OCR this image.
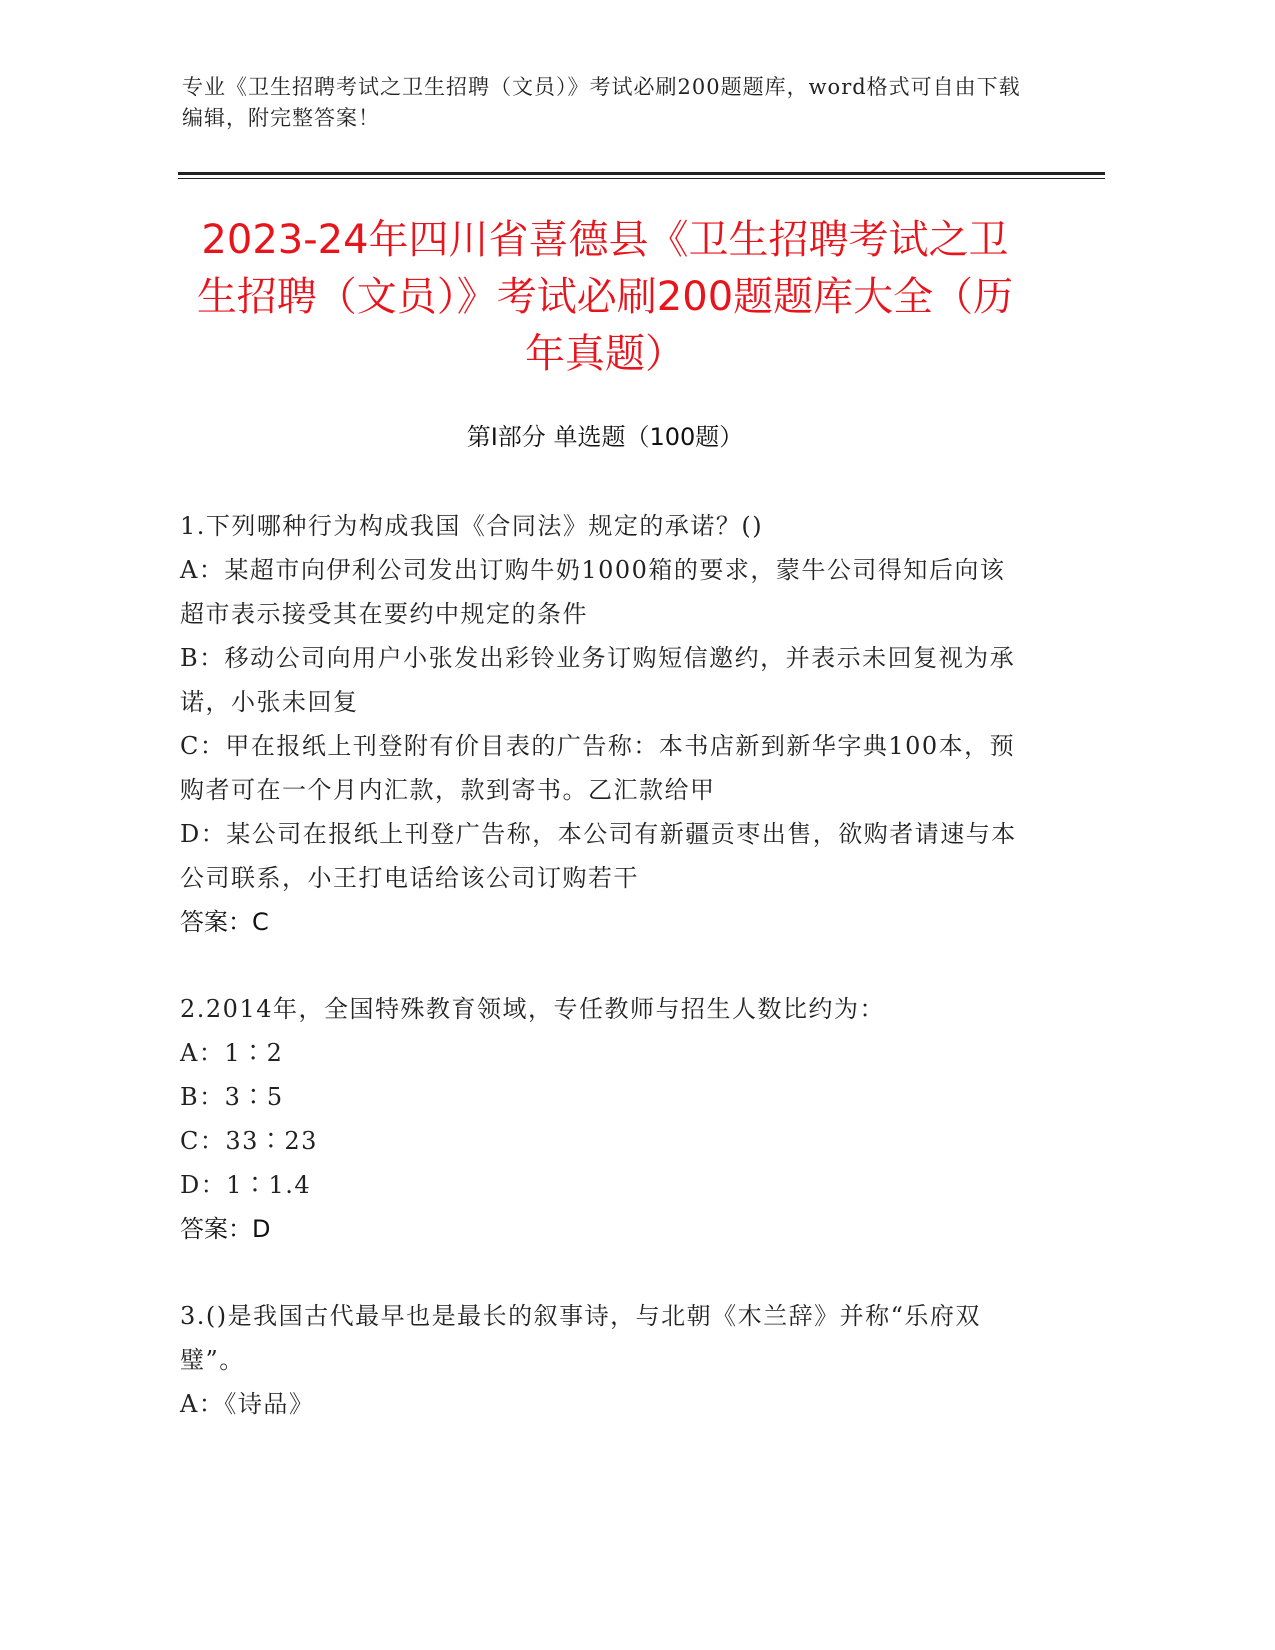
专业《卫生招聘考试之卫生招聘（文员）》考试必刷200题题库，word格式可自由下载编辑，附完整答案！
2023-24年四川省喜德县《卫生招聘考试之卫生招聘（文员）》考试必刷200题题库大全（历年真题）
第Ⅰ部分 单选题（100题）

1.下列哪种行为构成我国《合同法》规定的承诺？()

A：某超市向伊利公司发出订购牛奶1000箱的要求，蒙牛公司得知后向该超市表示接受其在要约中规定的条件

B：移动公司向用户小张发出彩铃业务订购短信邀约，并表示未回复视为承诺，小张未回复

C：甲在报纸上刊登附有价目表的广告称：本书店新到新华字典100本，预购者可在一个月内汇款，款到寄书。乙汇款给甲

D：某公司在报纸上刊登广告称，本公司有新疆贡枣出售，欲购者请速与本公司联系，小王打电话给该公司订购若干

答案：C

2.2014年，全国特殊教育领域，专任教师与招生人数比约为：

A：1∶2

B：3∶5

C：33∶23

D：1∶1.4

答案：D

3.()是我国古代最早也是最长的叙事诗，与北朝《木兰辞》并称“乐府双璧”。

A：《诗品》
